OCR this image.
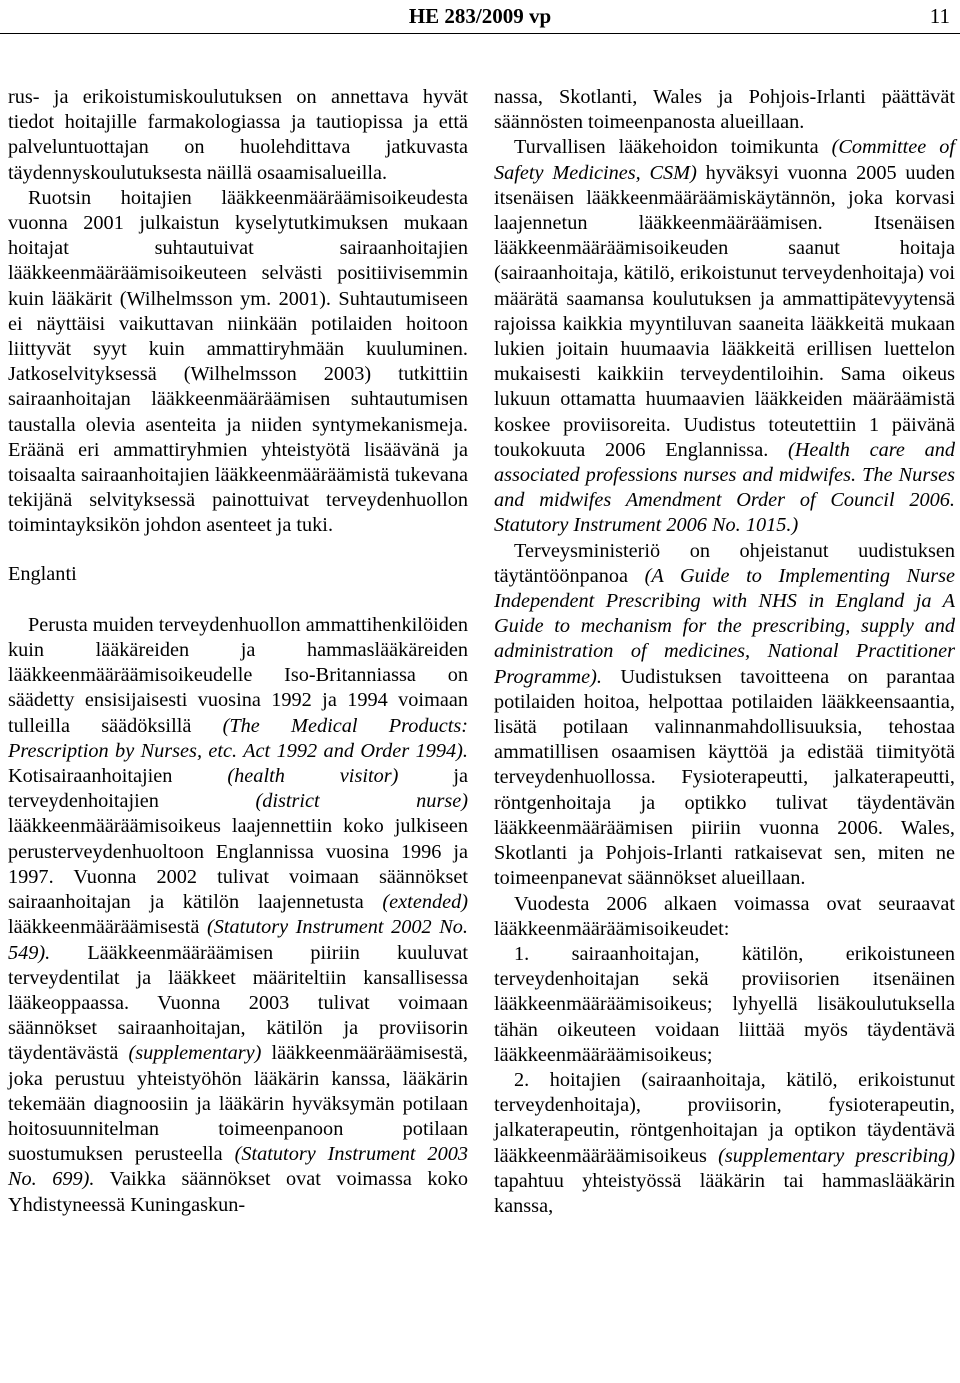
HE 283/2009 vp	11

rus- ja erikoistumiskoulutuksen on annettava hyvät tiedot hoitajille farmakologiassa ja tautiopissa ja että palveluntuottajan on huolehdittava jatkuvasta täydennyskoulutuksesta näillä osaamisalueilla.

Ruotsin hoitajien lääkkeenmääräämisoikeudesta vuonna 2001 julkaistun kyselytutkimuksen mukaan hoitajat suhtautuivat sairaanhoitajien lääkkeenmääräämisoikeuteen selvästi positiivisemmin kuin lääkärit (Wilhelmsson ym. 2001). Suhtautumiseen ei näyttäisi vaikuttavan niinkään potilaiden hoitoon liittyvät syyt kuin ammattiryhmään kuuluminen. Jatkoselvityksessä (Wilhelmsson 2003) tutkittiin sairaanhoitajan lääkkeenmääräämisen suhtautumisen taustalla olevia asenteita ja niiden syntymekanismeja. Eräänä eri ammattiryhmien yhteistyötä lisäävänä ja toisaalta sairaanhoitajien lääkkeenmääräämistä tukevana tekijänä selvityksessä painottuivat terveydenhuollon toimintayksikön johdon asenteet ja tuki.

Englanti

Perusta muiden terveydenhuollon ammattihenkilöiden kuin lääkäreiden ja hammaslääkäreiden lääkkeenmääräämisoikeudelle Iso-Britanniassa on säädetty ensisijaisesti vuosina 1992 ja 1994 voimaan tulleilla säädöksillä (The Medical Products: Prescription by Nurses, etc. Act 1992 and Order 1994). Kotisairaanhoitajien (health visitor) ja terveydenhoitajien (district nurse) lääkkeenmääräämisoikeus laajennettiin koko julkiseen perusterveydenhuoltoon Englannissa vuosina 1996 ja 1997. Vuonna 2002 tulivat voimaan säännökset sairaanhoitajan ja kätilön laajennetusta (extended) lääkkeenmääräämisestä (Statutory Instrument 2002 No. 549). Lääkkeenmääräämisen piiriin kuuluvat terveydentilat ja lääkkeet määriteltiin kansallisessa lääkeoppaassa. Vuonna 2003 tulivat voimaan säännökset sairaanhoitajan, kätilön ja proviisorin täydentävästä (supplementary) lääkkeenmääräämisestä, joka perustuu yhteistyöhön lääkärin kanssa, lääkärin tekemään diagnoosiin ja lääkärin hyväksymän potilaan hoitosuunnitelman toimeenpanoon potilaan suostumuksen perusteella (Statutory Instrument 2003 No. 699). Vaikka säännökset ovat voimassa koko Yhdistyneessä Kuningaskun-

nassa, Skotlanti, Wales ja Pohjois-Irlanti päättävät säännösten toimeenpanosta alueillaan.

Turvallisen lääkehoidon toimikunta (Committee of Safety Medicines, CSM) hyväksyi vuonna 2005 uuden itsenäisen lääkkeenmääräämiskäytännön, joka korvasi laajennetun lääkkeenmääräämisen. Itsenäisen lääkkeenmääräämisoikeuden saanut hoitaja (sairaanhoitaja, kätilö, erikoistunut terveydenhoitaja) voi määrätä saamansa koulutuksen ja ammattipätevyytensä rajoissa kaikkia myyntiluvan saaneita lääkkeitä mukaan lukien joitain huumaavia lääkkeitä erillisen luettelon mukaisesti kaikkiin terveydentiloihin. Sama oikeus lukuun ottamatta huumaavien lääkkeiden määräämistä koskee proviisoreita. Uudistus toteutettiin 1 päivänä toukokuuta 2006 Englannissa. (Health care and associated professions nurses and midwifes. The Nurses and midwifes Amendment Order of Council 2006. Statutory Instrument 2006 No. 1015.)

Terveysministeriö on ohjeistanut uudistuksen täytäntöönpanoa (A Guide to Implementing Nurse Independent Prescribing with NHS in England ja A Guide to mechanism for the prescribing, supply and administration of medicines, National Practitioner Programme). Uudistuksen tavoitteena on parantaa potilaiden hoitoa, helpottaa potilaiden lääkkeensaantia, lisätä potilaan valinnanmahdollisuuksia, tehostaa ammatillisen osaamisen käyttöä ja edistää tiimityötä terveydenhuollossa. Fysioterapeutti, jalkaterapeutti, röntgenhoitaja ja optikko tulivat täydentävän lääkkeenmääräämisen piiriin vuonna 2006. Wales, Skotlanti ja Pohjois-Irlanti ratkaisevat sen, miten ne toimeenpanevat säännökset alueillaan.

Vuodesta 2006 alkaen voimassa ovat seuraavat lääkkeenmääräämisoikeudet:

1. sairaanhoitajan, kätilön, erikoistuneen terveydenhoitajan sekä proviisorien itsenäinen lääkkeenmääräämisoikeus; lyhyellä lisäkoulutuksella tähän oikeuteen voidaan liittää myös täydentävä lääkkeenmääräämisoikeus;

2. hoitajien (sairaanhoitaja, kätilö, erikoistunut terveydenhoitaja), proviisorin, fysioterapeutin, jalkaterapeutin, röntgenhoitajan ja optikon täydentävä lääkkeenmääräämisoikeus (supplementary prescribing) tapahtuu yhteistyössä lääkärin tai hammaslääkärin kanssa,
